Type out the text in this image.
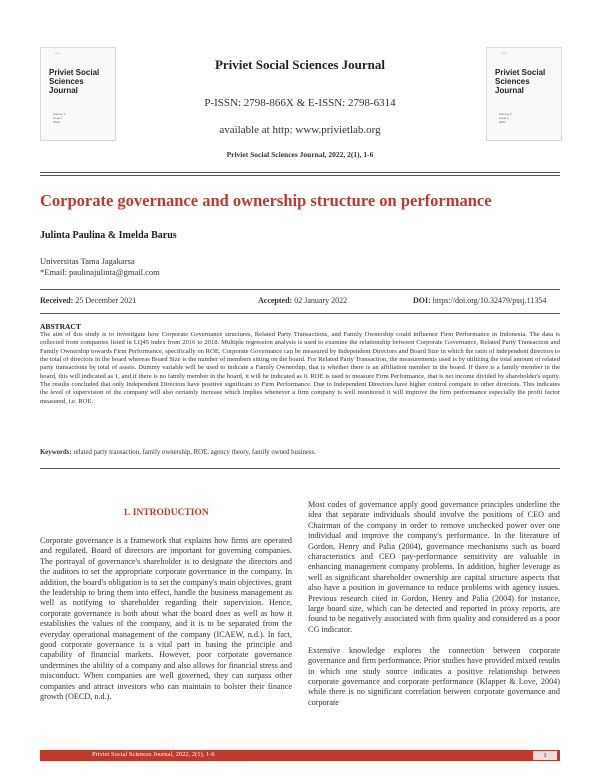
PSSJ
Priviet Social
Sciences
Journal
Volume 2
Issue 1
2022
PSSJ
Priviet Social
Sciences
Journal
Volume 2
Issue 1
2022
Priviet Social Sciences Journal
P-ISSN: 2798-866X & E-ISSN: 2798-6314
available at http: www.privietlab.org
Priviet Social Sciences Journal, 2022, 2(1), 1-6
Corporate governance and ownership structure on performance
Julinta Paulina & Imelda Barus
Universitas Tama Jagakarsa
*Email: paulinajulinta@gmail.com
Received: 25 December 2021	Accepted: 02 January 2022	DOI: https://doi.org/10.32479/pssj.11354
ABSTRACT
The aim of this study is to investigate how Corporate Governance structures, Related Party Transactions, and Family Ownership could influence Firm Performance in Indonesia. The data is collected from companies listed in LQ45 index from 2016 to 2018. Multiple regression analysis is used to examine the relationship between Corporate Governance, Related Party Transaction and Family Ownership towards Firm Performance, specifically on ROE. Corporate Governance can be measured by Independent Directors and Board Size in which the ratio of independent directors to the total of directors in the board whereas Board Size is the number of members sitting on the board. For Related Party Transaction, the measurements used is by utilizing the total amount of related party transactions by total of assets. Dummy variable will be used to indicate a Family Ownership, that is whether there is an affiliation member in the board. If there is a family member in the board, this will indicated as 1, and if there is no family member in the board, it will be indicated as 0. ROE is used to measure Firm Performance, that is net income divided by shareholder's equity. The results concluded that only Independent Directors have positive significant to Firm Performance. Due to Independent Directors have higher control compare to other directors. This indicates the level of supervision of the company will also certainly increase which implies whenever a firm company is well monitored it will improve the firm performance especially the profit factor measured, i.e. ROE.
Keywords: related party transaction, family ownership, ROE, agency theory, family owned business.
1. INTRODUCTION

Corporate governance is a framework that explains how firms are operated and regulated. Board of directors are important for governing companies. The portrayal of governance's shareholder is to designate the directors and the auditors to set the appropriate corporate governance in the company. In addition, the board's obligation is to set the company's main objectives, grant the leadership to bring them into effect, handle the business management as well as notifying to shareholder regarding their supervision. Hence, corporate governance is both about what the board does as well as how it establishes the values of the company, and it is to be separated from the everyday operational management of the company (ICAEW, n.d.). In fact, good corporate governance is a vital part in basing the principle and capability of financial markets. However, poor corporate governance undermines the ability of a company and also allows for financial stress and misconduct. When companies are well governed, they can surpass other companies and attract investors who can maintain to bolster their finance growth (OECD, n.d.).

Most codes of governance apply good governance principles underline the idea that separate individuals should involve the positions of CEO and Chairman of the company in order to remove unchecked power over one individual and improve the company's performance. In the literature of Gordon, Henry and Palia (2004), governance mechanisms such as board characteristics and CEO pay-performance sensitivity are valuable in enhancing management company problems. In addition, higher leverage as well as significant shareholder ownership are capital structure aspects that also have a position in governance to reduce problems with agency issues. Previous research cited in Gordon, Henry and Palia (2004) for instance, large board size, which can be detected and reported in proxy reports, are found to be negatively associated with firm quality and considered as a poor CG indicator.

Extensive knowledge explores the connection between corporate governance and firm performance. Prior studies have provided mixed results in which one study source indicates a positive relationship between corporate governance and corporate performance (Klapper & Love, 2004) while there is no significant correlation between corporate governance and corporate

Priviet Social Sciences Journal, 2022, 2(1), 1-6	1
